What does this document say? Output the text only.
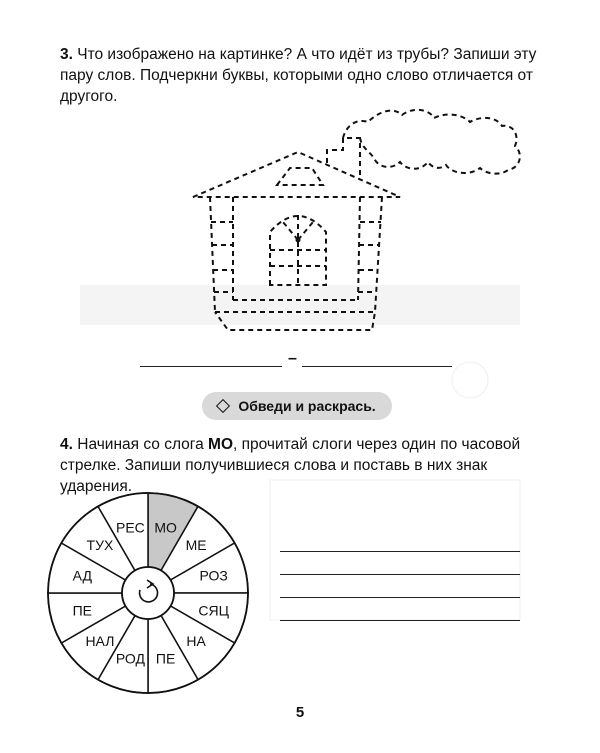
3. Что изображено на картинке? А что идёт из трубы? Запиши эту пару слов. Подчеркни буквы, которыми одно слово отличается от другого.
–
Обведи и раскрась.
4. Начиная со слога МО, прочитай слоги через один по часовой стрелке. Запиши получившиеся слова и поставь в них знак ударения.
МО
МЕ
РОЗ
СЯЦ
НА
ПЕ
РОД
НАЛ
ПЕ
АД
ТУХ
РЕС
5
